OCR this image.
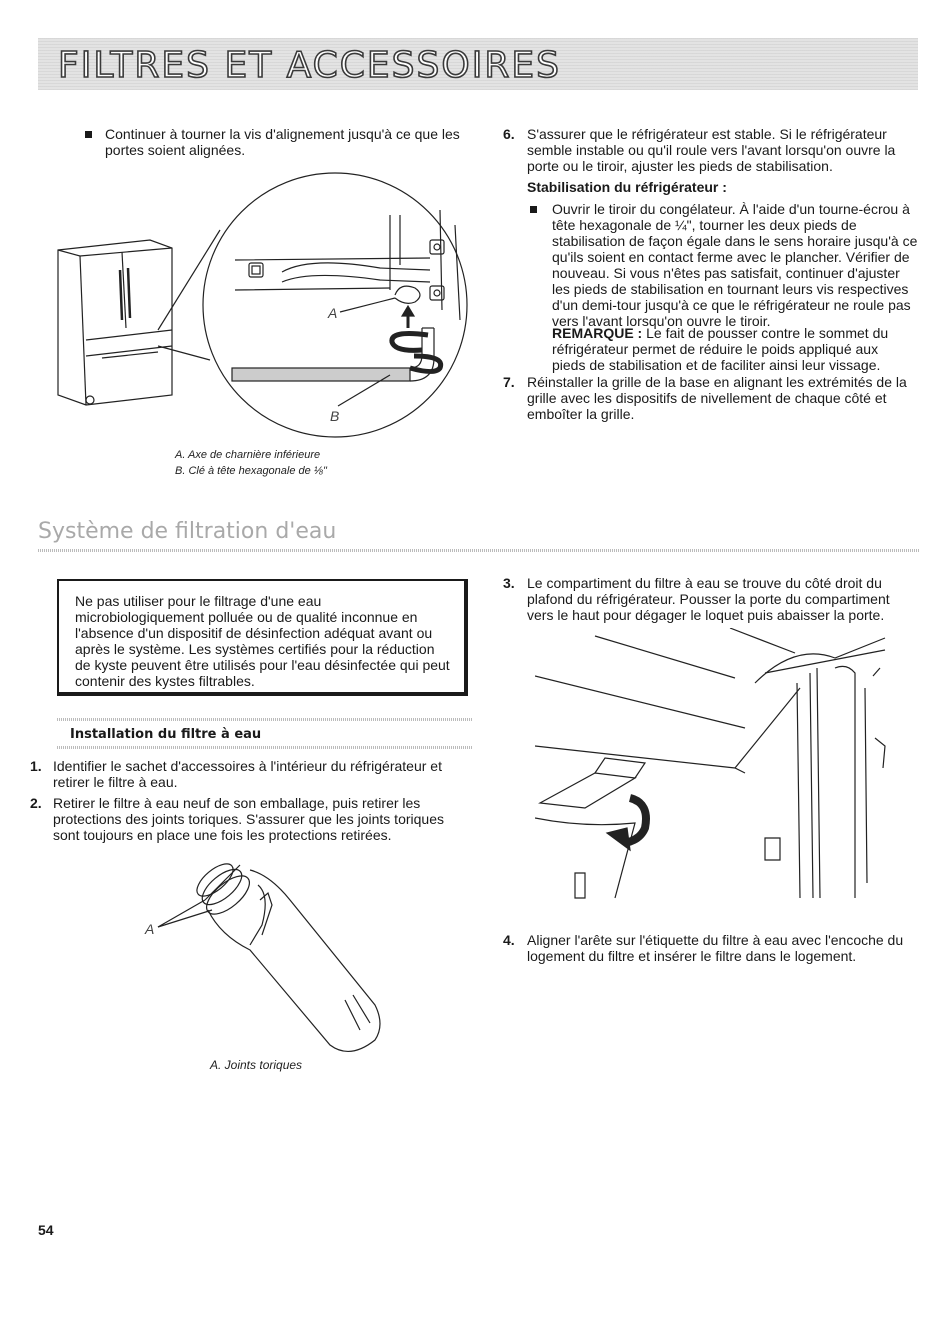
FILTRES ET ACCESSOIRES
Continuer à tourner la vis d'alignement jusqu'à ce que les portes soient alignées.
A
B
A. Axe de charnière inférieure
B. Clé à tête hexagonale de ⅛"
6. S'assurer que le réfrigérateur est stable. Si le réfrigérateur semble instable ou qu'il roule vers l'avant lorsqu'on ouvre la porte ou le tiroir, ajuster les pieds de stabilisation.
Stabilisation du réfrigérateur :
Ouvrir le tiroir du congélateur. À l'aide d'un tourne-écrou à tête hexagonale de ¼", tourner les deux pieds de stabilisation de façon égale dans le sens horaire jusqu'à ce qu'ils soient en contact ferme avec le plancher. Vérifier de nouveau. Si vous n'êtes pas satisfait, continuer d'ajuster les pieds de stabilisation en tournant leurs vis respectives d'un demi-tour jusqu'à ce que le réfrigérateur ne roule pas vers l'avant lorsqu'on ouvre le tiroir.
REMARQUE : Le fait de pousser contre le sommet du réfrigérateur permet de réduire le poids appliqué aux pieds de stabilisation et de faciliter ainsi leur vissage.
7. Réinstaller la grille de la base en alignant les extrémités de la grille avec les dispositifs de nivellement de chaque côté et emboîter la grille.
Système de filtration d'eau
Ne pas utiliser pour le filtrage d'une eau microbiologiquement polluée ou de qualité inconnue en l'absence d'un dispositif de désinfection adéquat avant ou après le système. Les systèmes certifiés pour la réduction de kyste peuvent être utilisés pour l'eau désinfectée qui peut contenir des kystes filtrables.
Installation du filtre à eau
1. Identifier le sachet d'accessoires à l'intérieur du réfrigérateur et retirer le filtre à eau.
2. Retirer le filtre à eau neuf de son emballage, puis retirer les protections des joints toriques. S'assurer que les joints toriques sont toujours en place une fois les protections retirées.
A
A. Joints toriques
3. Le compartiment du filtre à eau se trouve du côté droit du plafond du réfrigérateur. Pousser la porte du compartiment vers le haut pour dégager le loquet puis abaisser la porte.
4. Aligner l'arête sur l'étiquette du filtre à eau avec l'encoche du logement du filtre et insérer le filtre dans le logement.
54
